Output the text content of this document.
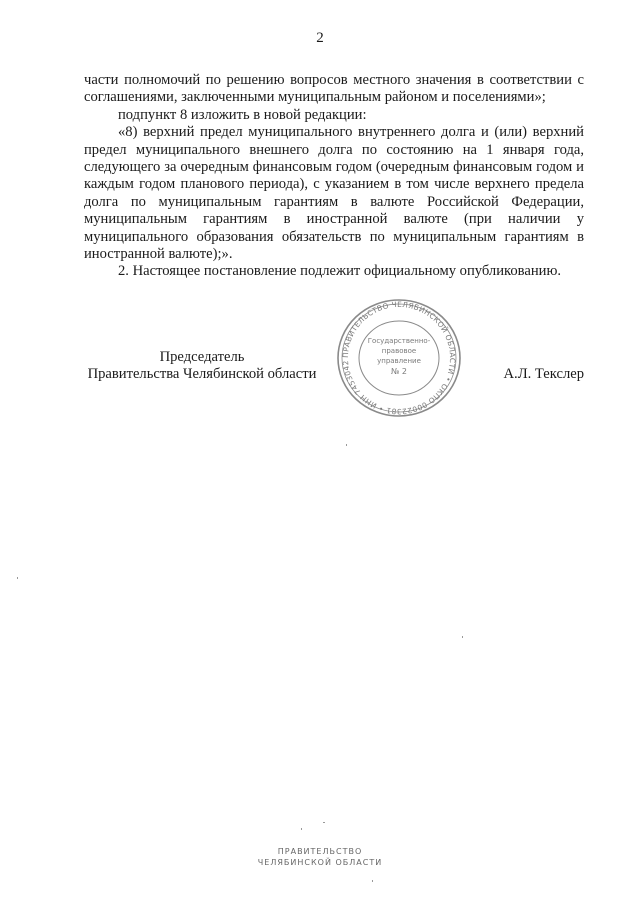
2

части полномочий по решению вопросов местного значения в соответствии с соглашениями, заключенными муниципальным районом и поселениями»;

подпункт 8 изложить в новой редакции:

«8) верхний предел муниципального внутреннего долга и (или) верхний предел муниципального внешнего долга по состоянию на 1 января года, следующего за очередным финансовым годом (очередным финансовым годом и каждым годом планового периода), с указанием в том числе верхнего предела долга по муниципальным гарантиям в валюте Российской Федерации, муниципальным гарантиям в иностранной валюте (при наличии у муниципального образования обязательств по муниципальным гарантиям в иностранной валюте);».

2. Настоящее постановление подлежит официальному опубликованию.

Председатель
Правительства Челябинской области	А.Л. Текслер
ПРАВИТЕЛЬСТВО ЧЕЛЯБИНСКОЙ ОБЛАСТИ • ОКПО 00022381 • ИНН 7453042
Государственно-
правовое
управление
№ 2
ПРАВИТЕЛЬСТВО
ЧЕЛЯБИНСКОЙ ОБЛАСТИ
